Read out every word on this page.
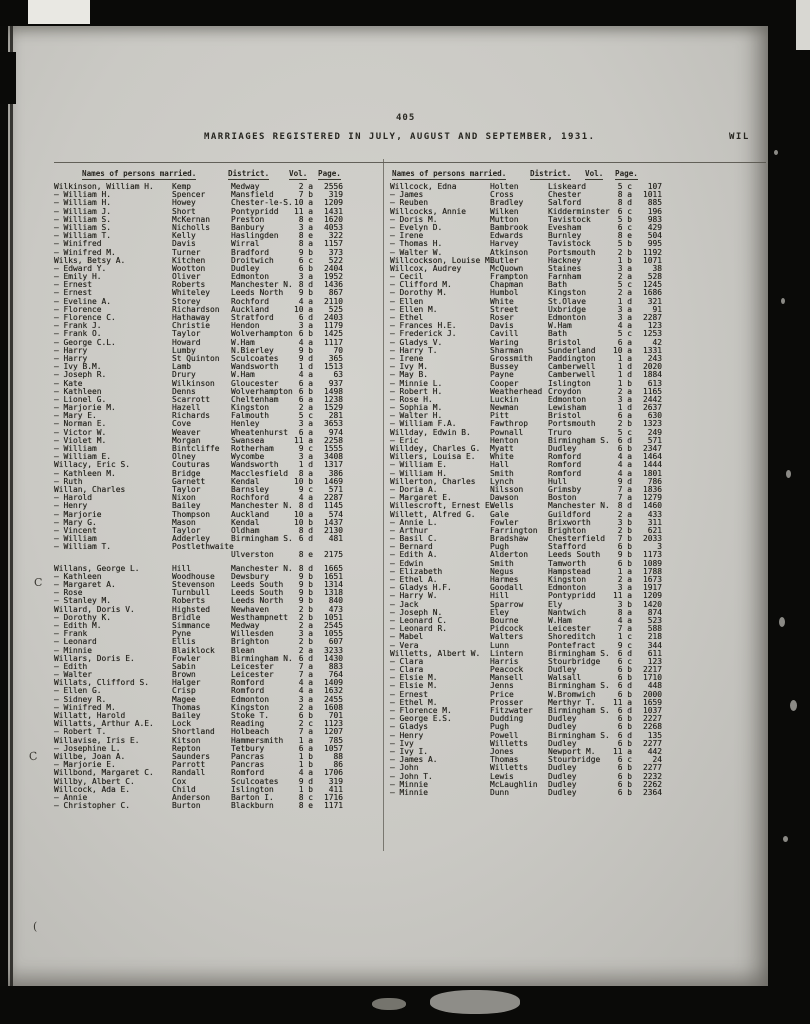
405
MARRIAGES REGISTERED IN JULY, AUGUST AND SEPTEMBER, 1931.	WIL
Names of persons married.	District.	Vol. Page.	Names of persons married.	District. Vol. Page.
Wilkinson, William H.	Kemp	Medway	2 a	2556
— William H.	Spencer	Mansfield	7 b	319
— William H.	Howey	Chester-le-S. 10 a	1209
— William J.	Short	Pontypridd	11 a	1431
— William S.	McKernan	Preston	8 e	1620
— William S.	Nicholls	Banbury	3 a	4053
— William T.	Kelly	Haslingden	8 e	322
— Winifred	Davis	Wirral	8 a	1157
— Winifred M.	Turner	Bradford	9 b	373
Wilks, Betsy A.	Kitchen	Droitwich	6 c	522
— Edward Y.	Wootton	Dudley	6 b	2404
— Emily H.	Oliver	Edmonton	3 a	1952
— Ernest	Roberts	Manchester N. 8 d	1436
— Ernest	Whiteley	Leeds North	9 b	867
— Eveline A.	Storey	Rochford	4 a	2110
— Florence	Richardson	Auckland	10 a	525
— Florence C.	Hathaway	Stratford	6 d	2403
— Frank J.	Christie	Hendon	3 a	1179
— Frank O.	Taylor	Wolverhampton 6 b	1425
— George C.L.	Howard	W.Ham	4 a	1117
— Harry	Lumby	N.Bierley	9 b	70
— Harry	St Quinton	Sculcoates	9 d	365
— Ivy B.M.	Lamb	Wandsworth	1 d	1513
— Joseph R.	Drury	W.Ham	4 a	63
— Kate	Wilkinson	Gloucester	6 a	937
— Kathleen	Denns	Wolverhampton 6 b	1498
— Lionel G.	Scarrott	Cheltenham	6 a	1238
— Marjorie M.	Hazell	Kingston	2 a	1529
— Mary E.	Richards	Falmouth	5 c	281
— Norman E.	Cove	Henley	3 a	3653
— Victor W.	Weaver	Wheatenhurst	6 a	974
— Violet M.	Morgan	Swansea	11 a	2258
— William	Bintcliffe	Rotherham	9 c	1555
— William E.	Olney	Wycombe	3 a	3408
Willacy, Eric S.	Couturas	Wandsworth	1 d	1317
— Kathleen M.	Bridge	Macclesfield	8 a	386
— Ruth	Garnett	Kendal	10 b	1469
Willan, Charles	Taylor	Barnsley	9 c	571
— Harold	Nixon	Rochford	4 a	2287
— Henry	Bailey	Manchester N. 8 d	1145
— Marjorie	Thompson	Auckland	10 a	574
— Mary G.	Mason	Kendal	10 b	1437
— Vincent	Taylor	Oldham	8 d	2130
— William	Adderley	Birmingham S. 6 d	481
— William T.	Postlethwaite
Ulverston	8 e	2175
Willans, George L.	Hill	Manchester N. 8 d	1665
— Kathleen	Woodhouse	Dewsbury	9 b	1651
— Margaret A.	Stevenson	Leeds South	9 b	1314
— Rose	Turnbull	Leeds South	9 b	1318
— Stanley M.	Roberts	Leeds North	9 b	840
Willard, Doris V.	Highsted	Newhaven	2 b	473
— Dorothy K.	Bridle	Westhampnett	2 b	1051
— Edith M.	Simmance	Medway	2 a	2545
— Frank	Pyne	Willesden	3 a	1055
— Leonard	Ellis	Brighton	2 b	607
— Minnie	Blaiklock	Blean	2 a	3233
Willars, Doris E.	Fowler	Birmingham N. 6 d	1430
— Edith	Sabin	Leicester	7 a	883
— Walter	Brown	Leicester	7 a	764
Willats, Clifford S.	Halger	Romford	4 a	1409
— Ellen G.	Crisp	Romford	4 a	1632
— Sidney R.	Magee	Edmonton	3 a	2455
— Winifred M.	Thomas	Kingston	2 a	1608
Willatt, Harold	Bailey	Stoke T.	6 b	701
Willatts, Arthur A.E.	Lock	Reading	2 c	1123
— Robert T.	Shortland	Holbeach	7 a	1207
Willavise, Iris E.	Kitson	Hammersmith	1 a	785
— Josephine L.	Repton	Tetbury	6 a	1057
Willbe, Joan A.	Saunders	Pancras	1 b	88
— Marjorie E.	Parrott	Pancras	1 b	86
Willbond, Margaret C.	Randall	Romford	4 a	1706
Willby, Albert C.	Cox	Sculcoates	9 d	319
Willcock, Ada E.	Child	Islington	1 b	411
— Annie	Anderson	Barton I.	8 c	1716
— Christopher C.	Burton	Blackburn	8 e	1171
Willcock, Edna	Holten	Liskeard	5 c	107
— James	Cross	Chester	8 a	1011
— Reuben	Bradley	Salford	8 d	885
Willcocks, Annie	Wilken	Kidderminster	6 c	196
— Doris M.	Mutton	Tavistock	5 b	983
— Evelyn D.	Bambrook	Evesham	6 c	429
— Irene	Edwards	Burnley	8 e	504
— Thomas H.	Harvey	Tavistock	5 b	995
— Walter W.	Atkinson	Portsmouth	2 b	1192
Willcockson, Louise M.
Butler	Hackney	1 b	1071
Willcox, Audrey	McQuown	Staines	3 a	38
— Cecil	Frampton	Farnham	2 a	528
— Clifford M.	Chapman	Bath	5 c	1245
— Dorothy M.	Humbol	Kingston	2 a	1686
— Ellen	White	St.Olave	1 d	321
— Ellen M.	Street	Uxbridge	3 a	91
— Ethel	Roser	Edmonton	3 a	2287
— Frances H.E.	Davis	W.Ham	4 a	123
— Frederick J.	Cavill	Bath	5 c	1253
— Gladys V.	Waring	Bristol	6 a	42
— Harry T.	Sharman	Sunderland	10 a	1331
— Irene	Grossmith	Paddington	1 a	243
— Ivy M.	Bussey	Camberwell	1 d	2020
— May B.	Payne	Camberwell	1 d	1884
— Minnie L.	Cooper	Islington	1 b	613
— Robert H.	Weatherhead Croydon	2 a	1165
— Rose H.	Luckin	Edmonton	3 a	2442
— Sophia M.	Newman	Lewisham	1 d	2637
— Walter H.	Pitt	Bristol	6 a	630
— William F.A.	Fawthrop	Portsmouth	2 b	1323
Willday, Edwin B.	Pownall	Truro	5 c	249
— Eric	Henton	Birmingham S.	6 d	571
Willdey, Charles G.	Myatt	Dudley	6 b	2347
Willers, Louisa E.	White	Romford	4 a	1464
— William E.	Hall	Romford	4 a	1444
— William H.	Smith	Romford	4 a	1801
Willerton, Charles	Lynch	Hull	9 d	786
— Doria A.	Nilsson	Grimsby	7 a	1836
— Margaret E.	Dawson	Boston	7 a	1279
Willescroft, Ernest E.
Wells	Manchester N.	8 d	1460
Willett, Alfred G.	Gale	Guildford	2 a	433
— Annie L.	Fowler	Brixworth	3 b	311
— Arthur	Farrington	Brighton	2 b	621
— Basil C.	Bradshaw	Chesterfield	7 b	2033
— Bernard	Pugh	Stafford	6 b	3
— Edith A.	Alderton	Leeds South	9 b	1173
— Edwin	Smith	Tamworth	6 b	1089
— Elizabeth	Negus	Hampstead	1 a	1788
— Ethel A.	Harmes	Kingston	2 a	1673
— Gladys H.F.	Goodall	Edmonton	3 a	1917
— Harry W.	Hill	Pontypridd	11 a	1209
— Jack	Sparrow	Ely	3 b	1420
— Joseph N.	Eley	Nantwich	8 a	874
— Leonard C.	Bourne	W.Ham	4 a	523
— Leonard R.	Pidcock	Leicester	7 a	588
— Mabel	Walters	Shoreditch	1 c	218
— Vera	Lunn	Pontefract	9 c	344
Willetts, Albert W.	Lintern	Birmingham S.	6 d	611
— Clara	Harris	Stourbridge	6 c	123
— Clara	Peacock	Dudley	6 b	2217
— Elsie M.	Mansell	Walsall	6 b	1710
— Elsie M.	Jenns	Birmingham S.	6 d	448
— Ernest	Price	W.Bromwich	6 b	2000
— Ethel M.	Prosser	Merthyr T.	11 a	1659
— Florence M.	Fitzwater	Birmingham S.	6 d	1037
— George E.S.	Dudding	Dudley	6 b	2227
— Gladys	Pugh	Dudley	6 b	2268
— Henry	Powell	Birmingham S.	6 d	135
— Ivy	Willetts	Dudley	6 b	2277
— Ivy I.	Jones	Newport M.	11 a	442
— James A.	Thomas	Stourbridge	6 c	24
— John	Willetts	Dudley	6 b	2277
— John T.	Lewis	Dudley	6 b	2232
— Minnie	McLaughlin	Dudley	6 b	2262
— Minnie	Dunn	Dudley	6 b	2364
C
C
(
